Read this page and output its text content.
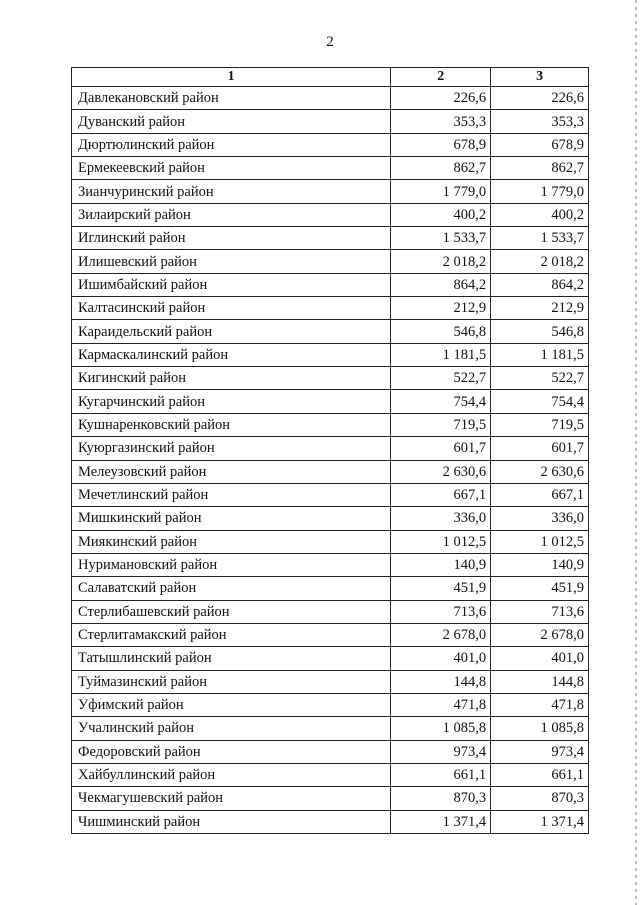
2
1	2	3
Давлекановский район	226,6	226,6
Дуванский район	353,3	353,3
Дюртюлинский район	678,9	678,9
Ермекеевский район	862,7	862,7
Зианчуринский район	1 779,0	1 779,0
Зилаирский район	400,2	400,2
Иглинский район	1 533,7	1 533,7
Илишевский район	2 018,2	2 018,2
Ишимбайский район	864,2	864,2
Калтасинский район	212,9	212,9
Караидельский район	546,8	546,8
Кармаскалинский район	1 181,5	1 181,5
Кигинский район	522,7	522,7
Кугарчинский район	754,4	754,4
Кушнаренковский район	719,5	719,5
Куюргазинский район	601,7	601,7
Мелеузовский район	2 630,6	2 630,6
Мечетлинский район	667,1	667,1
Мишкинский район	336,0	336,0
Миякинский район	1 012,5	1 012,5
Нуримановский район	140,9	140,9
Салаватский район	451,9	451,9
Стерлибашевский район	713,6	713,6
Стерлитамакский район	2 678,0	2 678,0
Татышлинский район	401,0	401,0
Туймазинский район	144,8	144,8
Уфимский район	471,8	471,8
Учалинский район	1 085,8	1 085,8
Федоровский район	973,4	973,4
Хайбуллинский район	661,1	661,1
Чекмагушевский район	870,3	870,3
Чишминский район	1 371,4	1 371,4
